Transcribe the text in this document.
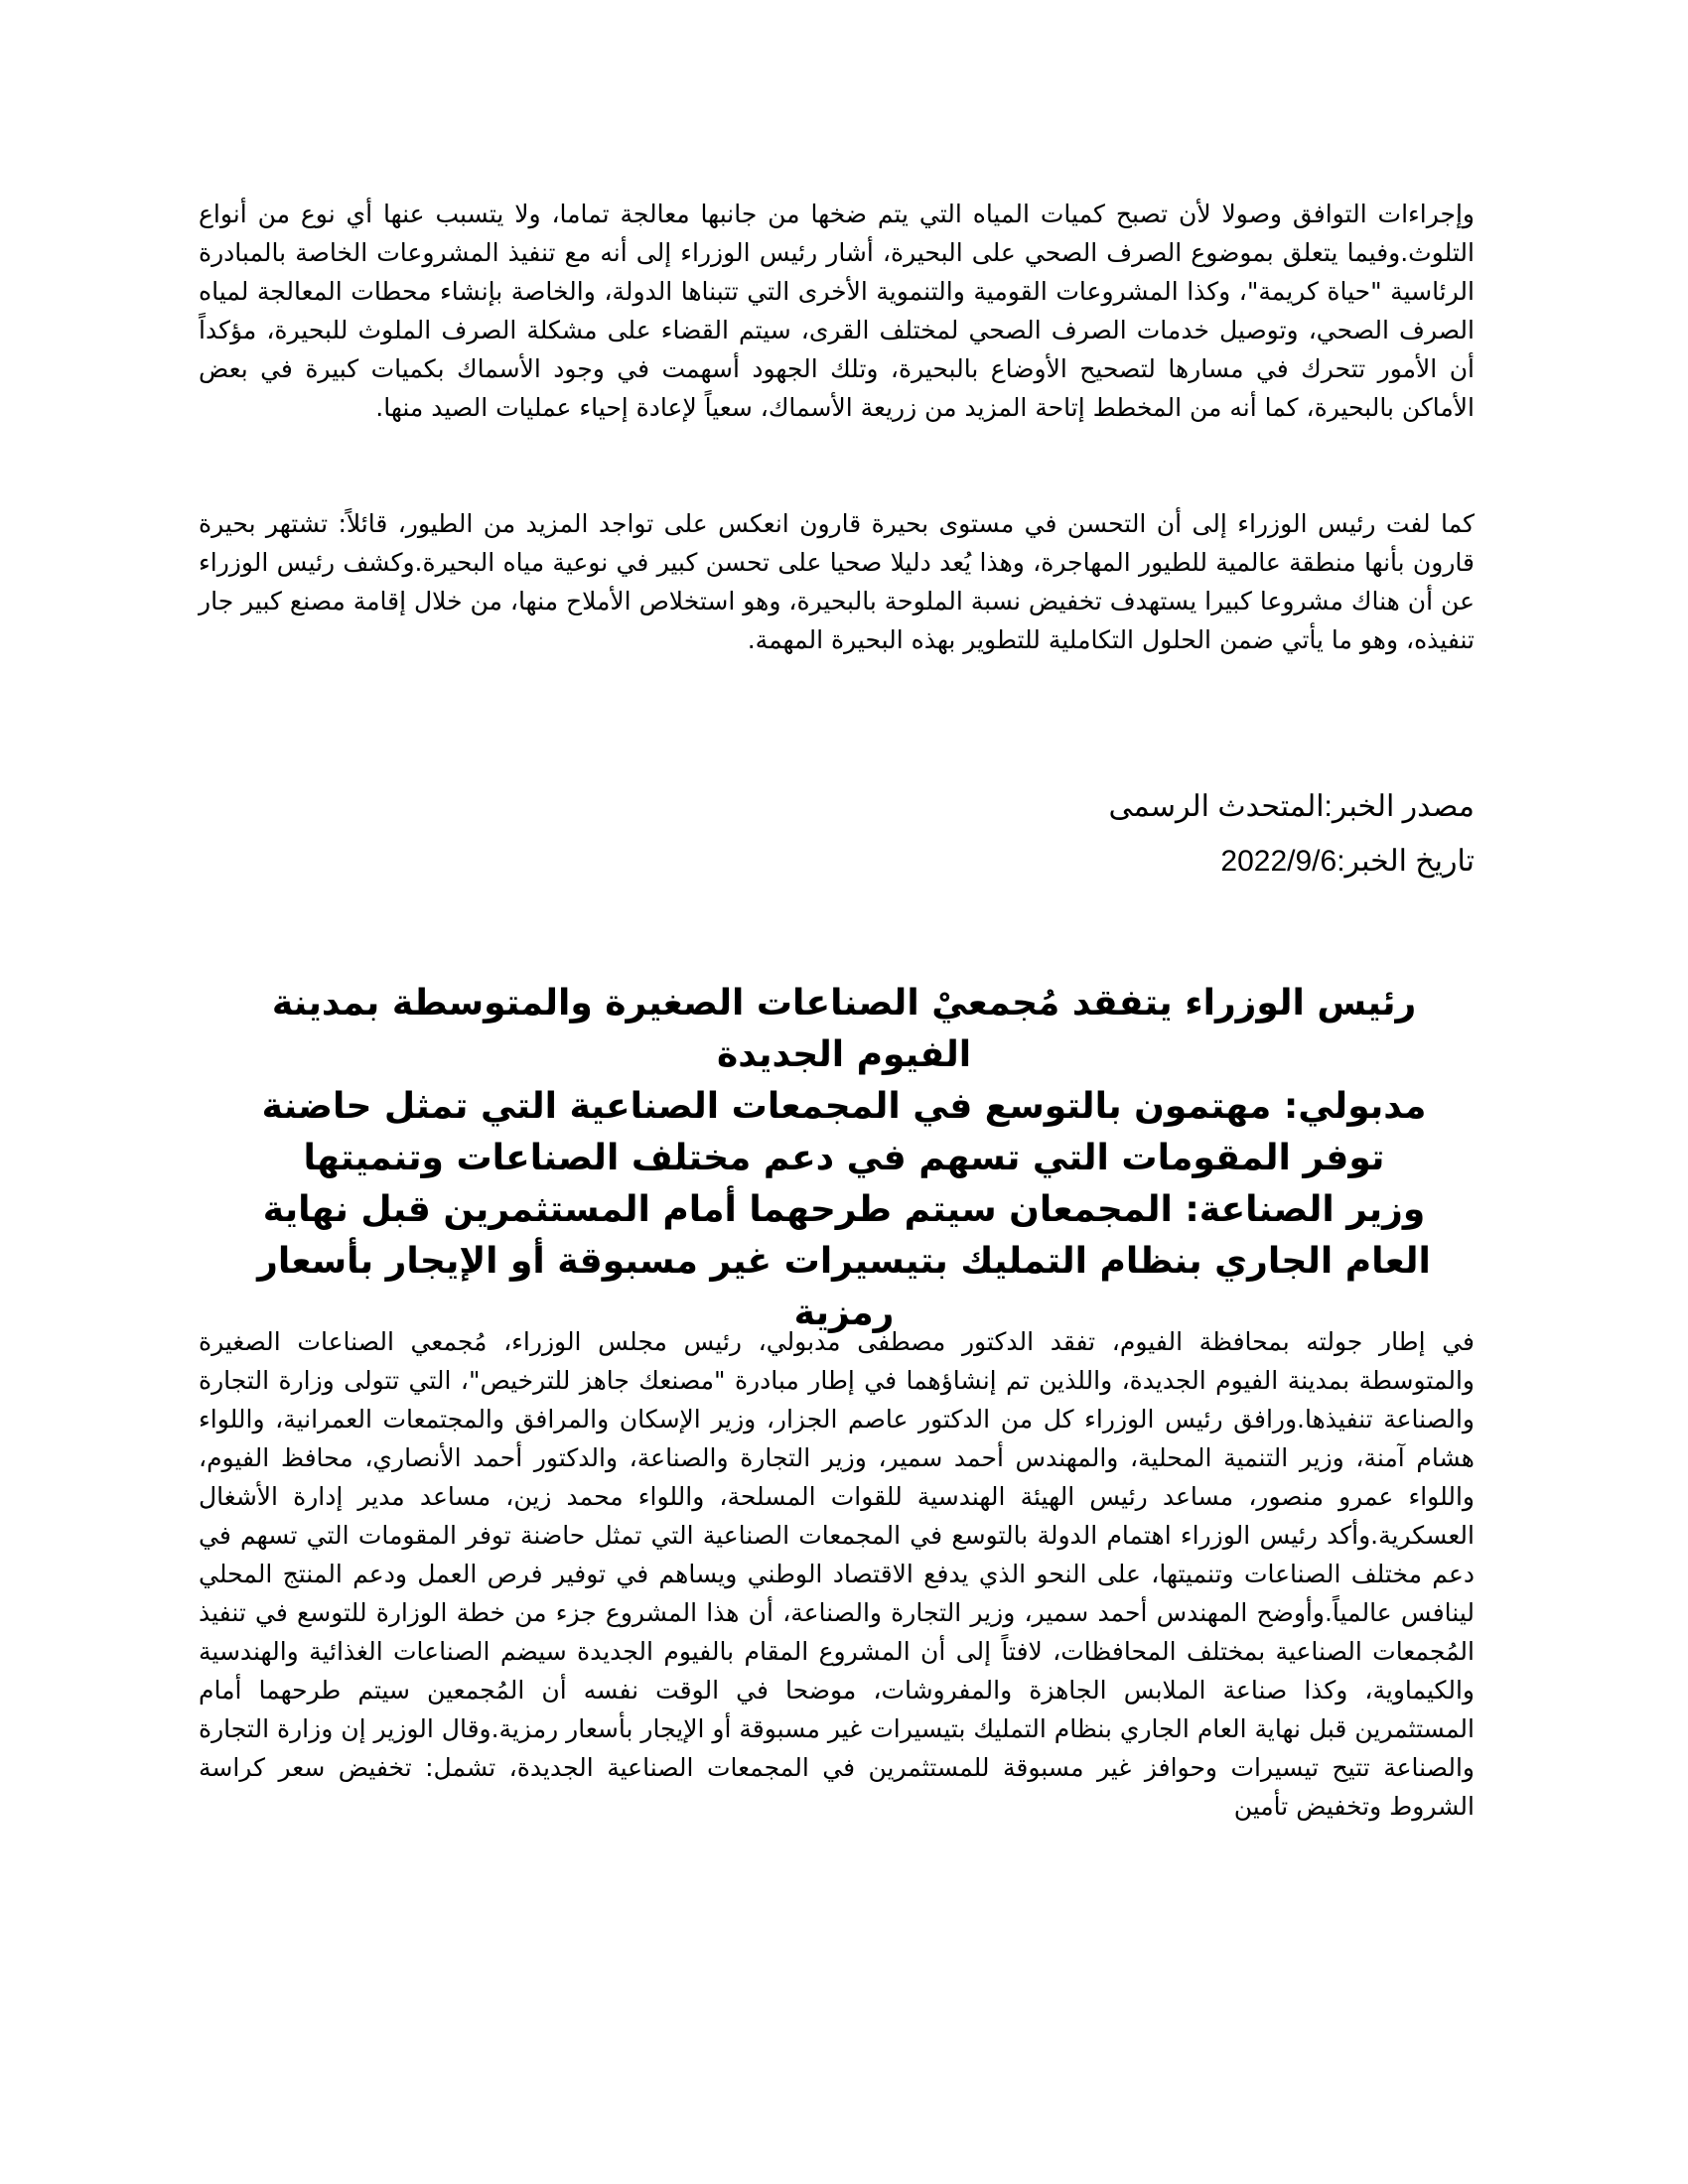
وإجراءات التوافق وصولا لأن تصبح كميات المياه التي يتم ضخها من جانبها معالجة تماما، ولا يتسبب عنها أي نوع من أنواع التلوث.وفيما يتعلق بموضوع الصرف الصحي على البحيرة، أشار رئيس الوزراء إلى أنه مع تنفيذ المشروعات الخاصة بالمبادرة الرئاسية "حياة كريمة"، وكذا المشروعات القومية والتنموية الأخرى التي تتبناها الدولة، والخاصة بإنشاء محطات المعالجة لمياه الصرف الصحي، وتوصيل خدمات الصرف الصحي لمختلف القرى، سيتم القضاء على مشكلة الصرف الملوث للبحيرة، مؤكداً أن الأمور تتحرك في مسارها لتصحيح الأوضاع بالبحيرة، وتلك الجهود أسهمت في وجود الأسماك بكميات كبيرة في بعض الأماكن بالبحيرة، كما أنه من المخطط إتاحة المزيد من زريعة الأسماك، سعياً لإعادة إحياء عمليات الصيد منها.

كما لفت رئيس الوزراء إلى أن التحسن في مستوى بحيرة قارون انعكس على تواجد المزيد من الطيور، قائلاً: تشتهر بحيرة قارون بأنها منطقة عالمية للطيور المهاجرة، وهذا يُعد دليلا صحيا على تحسن كبير في نوعية مياه البحيرة.وكشف رئيس الوزراء عن أن هناك مشروعا كبيرا يستهدف تخفيض نسبة الملوحة بالبحيرة، وهو استخلاص الأملاح منها، من خلال إقامة مصنع كبير جار تنفيذه، وهو ما يأتي ضمن الحلول التكاملية للتطوير بهذه البحيرة المهمة.

مصدر الخبر:المتحدث الرسمى
تاريخ الخبر:2022/9/6

رئيس الوزراء يتفقد مُجمعيْ الصناعات الصغيرة والمتوسطة بمدينة الفيوم الجديدة

مدبولي: مهتمون بالتوسع في المجمعات الصناعية التي تمثل حاضنة توفر المقومات التي تسهم في دعم مختلف الصناعات وتنميتها

وزير الصناعة: المجمعان سيتم طرحهما أمام المستثمرين قبل نهاية العام الجاري بنظام التمليك بتيسيرات غير مسبوقة أو الإيجار بأسعار رمزية

في إطار جولته بمحافظة الفيوم، تفقد الدكتور مصطفى مدبولي، رئيس مجلس الوزراء، مُجمعي الصناعات الصغيرة والمتوسطة بمدينة الفيوم الجديدة، واللذين تم إنشاؤهما في إطار مبادرة "مصنعك جاهز للترخيص"، التي تتولى وزارة التجارة والصناعة تنفيذها.ورافق رئيس الوزراء كل من الدكتور عاصم الجزار، وزير الإسكان والمرافق والمجتمعات العمرانية، واللواء هشام آمنة، وزير التنمية المحلية، والمهندس أحمد سمير، وزير التجارة والصناعة، والدكتور أحمد الأنصاري، محافظ الفيوم، واللواء عمرو منصور، مساعد رئيس الهيئة الهندسية للقوات المسلحة، واللواء محمد زين، مساعد مدير إدارة الأشغال العسكرية.وأكد رئيس الوزراء اهتمام الدولة بالتوسع في المجمعات الصناعية التي تمثل حاضنة توفر المقومات التي تسهم في دعم مختلف الصناعات وتنميتها، على النحو الذي يدفع الاقتصاد الوطني ويساهم في توفير فرص العمل ودعم المنتج المحلي لينافس عالمياً.وأوضح المهندس أحمد سمير، وزير التجارة والصناعة، أن هذا المشروع جزء من خطة الوزارة للتوسع في تنفيذ المُجمعات الصناعية بمختلف المحافظات، لافتاً إلى أن المشروع المقام بالفيوم الجديدة سيضم الصناعات الغذائية والهندسية والكيماوية، وكذا صناعة الملابس الجاهزة والمفروشات، موضحا في الوقت نفسه أن المُجمعين سيتم طرحهما أمام المستثمرين قبل نهاية العام الجاري بنظام التمليك بتيسيرات غير مسبوقة أو الإيجار بأسعار رمزية.وقال الوزير إن وزارة التجارة والصناعة تتيح تيسيرات وحوافز غير مسبوقة للمستثمرين في المجمعات الصناعية الجديدة، تشمل: تخفيض سعر كراسة الشروط وتخفيض تأمين
